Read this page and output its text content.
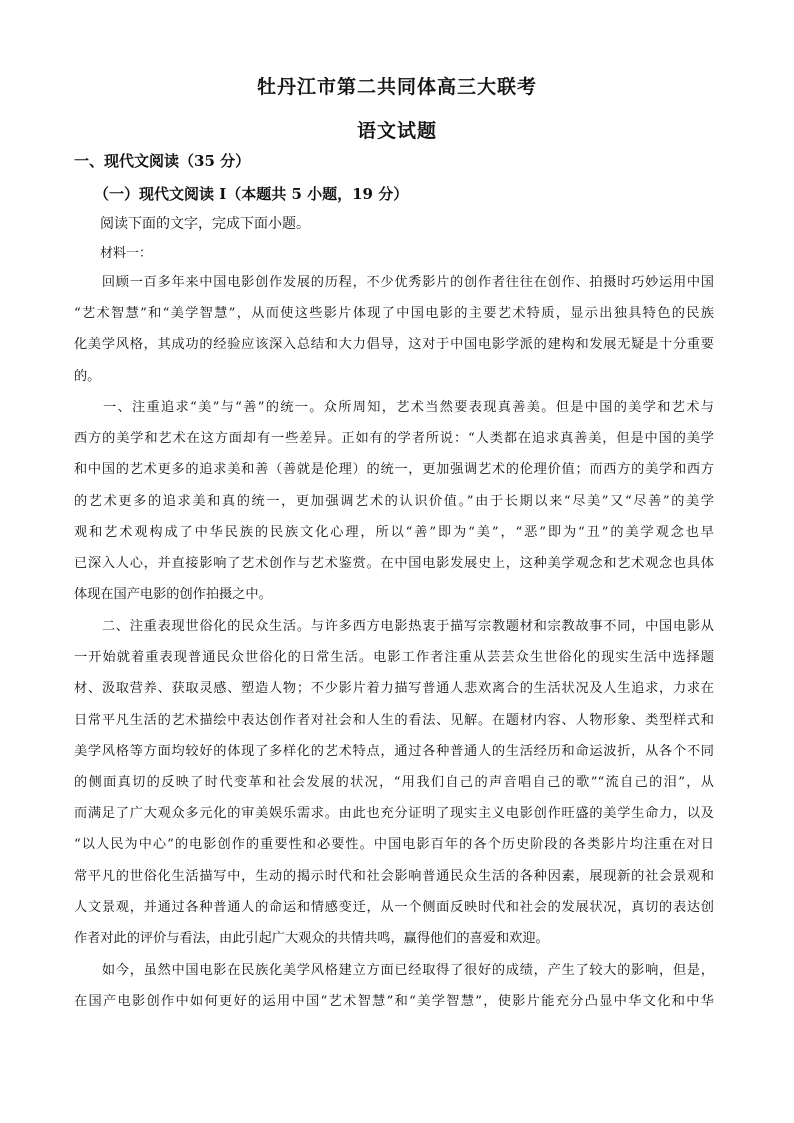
牡丹江市第二共同体高三大联考
语文试题
一、现代文阅读（35 分）
（一）现代文阅读 I（本题共 5 小题，19 分）
阅读下面的文字，完成下面小题。
材料一：
　　回顾一百多年来中国电影创作发展的历程，不少优秀影片的创作者往往在创作、拍摄时巧妙运用中国
“艺术智慧”和“美学智慧”，从而使这些影片体现了中国电影的主要艺术特质，显示出独具特色的民族
化美学风格，其成功的经验应该深入总结和大力倡导，这对于中国电影学派的建构和发展无疑是十分重要
的。
　　一、注重追求“美”与“善”的统一。众所周知，艺术当然要表现真善美。但是中国的美学和艺术与
西方的美学和艺术在这方面却有一些差异。正如有的学者所说：“人类都在追求真善美，但是中国的美学
和中国的艺术更多的追求美和善（善就是伦理）的统一，更加强调艺术的伦理价值；而西方的美学和西方
的艺术更多的追求美和真的统一，更加强调艺术的认识价值。”由于长期以来“尽美”又“尽善”的美学
观和艺术观构成了中华民族的民族文化心理，所以“善”即为“美”，“恶”即为“丑”的美学观念也早
已深入人心，并直接影响了艺术创作与艺术鉴赏。在中国电影发展史上，这种美学观念和艺术观念也具体
体现在国产电影的创作拍摄之中。
　　二、注重表现世俗化的民众生活。与许多西方电影热衷于描写宗教题材和宗教故事不同，中国电影从
一开始就着重表现普通民众世俗化的日常生活。电影工作者注重从芸芸众生世俗化的现实生活中选择题
材、汲取营养、获取灵感、塑造人物；不少影片着力描写普通人悲欢离合的生活状况及人生追求，力求在
日常平凡生活的艺术描绘中表达创作者对社会和人生的看法、见解。在题材内容、人物形象、类型样式和
美学风格等方面均较好的体现了多样化的艺术特点，通过各种普通人的生活经历和命运波折，从各个不同
的侧面真切的反映了时代变革和社会发展的状况，“用我们自己的声音唱自己的歌”“流自己的泪”，从
而满足了广大观众多元化的审美娱乐需求。由此也充分证明了现实主义电影创作旺盛的美学生命力，以及
“以人民为中心”的电影创作的重要性和必要性。中国电影百年的各个历史阶段的各类影片均注重在对日
常平凡的世俗化生活描写中，生动的揭示时代和社会影响普通民众生活的各种因素，展现新的社会景观和
人文景观，并通过各种普通人的命运和情感变迁，从一个侧面反映时代和社会的发展状况，真切的表达创
作者对此的评价与看法，由此引起广大观众的共情共鸣，赢得他们的喜爱和欢迎。
　　如今，虽然中国电影在民族化美学风格建立方面已经取得了很好的成绩，产生了较大的影响，但是，
在国产电影创作中如何更好的运用中国“艺术智慧”和“美学智慧”，使影片能充分凸显中华文化和中华
